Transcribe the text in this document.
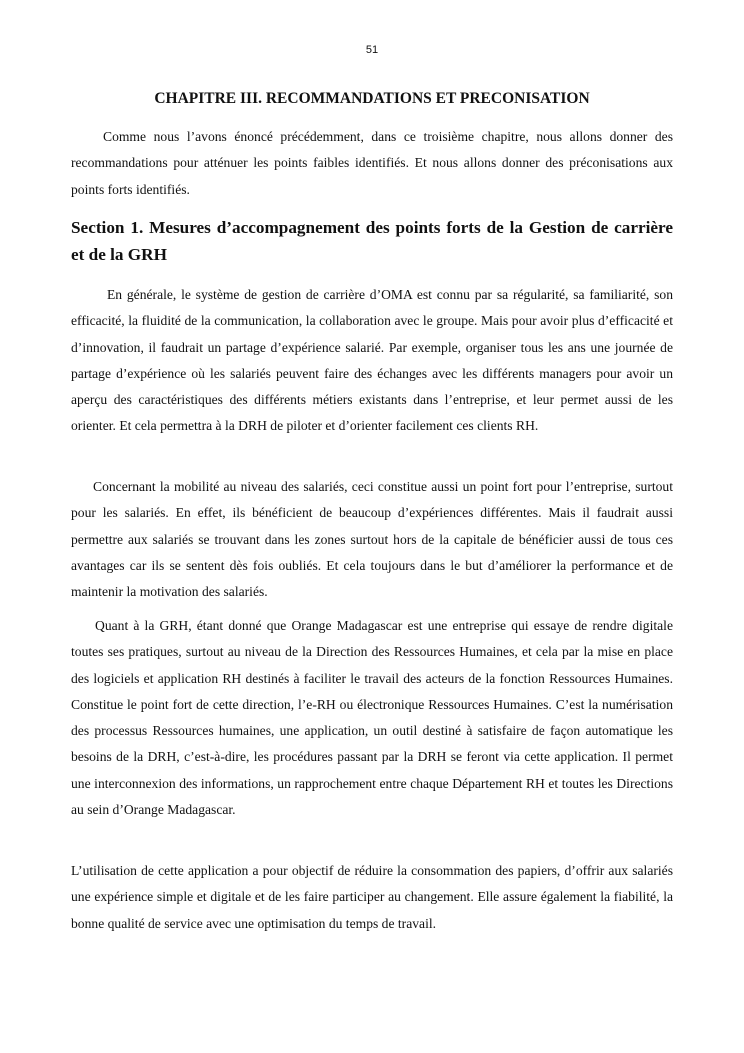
51
CHAPITRE III. RECOMMANDATIONS ET PRECONISATION

Comme nous l’avons énoncé précédemment, dans ce troisième chapitre, nous allons donner des recommandations pour atténuer les points faibles identifiés. Et nous allons donner des préconisations aux points forts identifiés.

Section 1. Mesures d’accompagnement des points forts de la Gestion de carrière et de la GRH

En générale, le système de gestion de carrière d’OMA est connu par sa régularité, sa familiarité, son efficacité, la fluidité de la communication, la collaboration avec le groupe. Mais pour avoir plus d’efficacité et d’innovation, il faudrait un partage d’expérience salarié. Par exemple, organiser tous les ans une journée de partage d’expérience où les salariés peuvent faire des échanges avec les différents managers pour avoir un aperçu des caractéristiques des différents métiers existants dans l’entreprise, et leur permet aussi de les orienter. Et cela permettra à la DRH de piloter et d’orienter facilement ces clients RH.

Concernant la mobilité au niveau des salariés, ceci constitue aussi un point fort pour l’entreprise, surtout pour les salariés. En effet, ils bénéficient de beaucoup d’expériences différentes. Mais il faudrait aussi permettre aux salariés se trouvant dans les zones surtout hors de la capitale de bénéficier aussi de tous ces avantages car ils se sentent dès fois oubliés. Et cela toujours dans le but d’améliorer la performance et de maintenir la motivation des salariés.

Quant à la GRH, étant donné que Orange Madagascar est une entreprise qui essaye de rendre digitale toutes ses pratiques, surtout au niveau de la Direction des Ressources Humaines, et cela par la mise en place des logiciels et application RH destinés à faciliter le travail des acteurs de la fonction Ressources Humaines. Constitue le point fort de cette direction, l’e-RH ou électronique Ressources Humaines. C’est la numérisation des processus Ressources humaines, une application, un outil destiné à satisfaire de façon automatique les besoins de la DRH, c’est-à-dire, les procédures passant par la DRH se feront via cette application. Il permet une interconnexion des informations, un rapprochement entre chaque Département RH et toutes les Directions au sein d’Orange Madagascar.

L’utilisation de cette application a pour objectif de réduire la consommation des papiers, d’offrir aux salariés une expérience simple et digitale et de les faire participer au changement. Elle assure également la fiabilité, la bonne qualité de service avec une optimisation du temps de travail.
